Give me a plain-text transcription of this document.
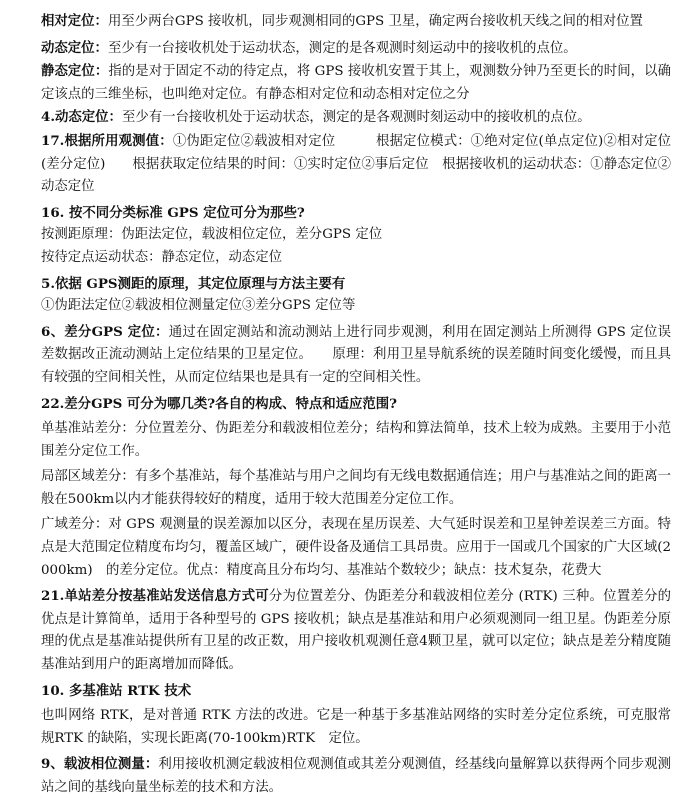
相对定位：用至少两台GPS 接收机，同步观测相同的GPS 卫星，确定两台接收机天线之间的相对位置

动态定位：至少有一台接收机处于运动状态，测定的是各观测时刻运动中的接收机的点位。

静态定位：指的是对于固定不动的待定点，将 GPS 接收机安置于其上，观测数分钟乃至更长的时间，以确定该点的三维坐标，也叫绝对定位。有静态相对定位和动态相对定位之分

4.动态定位：至少有一台接收机处于运动状态，测定的是各观测时刻运动中的接收机的点位。

17.根据所用观测值：①伪距定位②载波相对定位　　　根据定位模式：①绝对定位(单点定位)②相对定位(差分定位)　　根据获取定位结果的时间：①实时定位②事后定位　根据接收机的运动状态：①静态定位②动态定位

16. 按不同分类标准 GPS 定位可分为那些?

按测距原理：伪距法定位，载波相位定位，差分GPS 定位

按待定点运动状态：静态定位，动态定位

5.依据 GPS测距的原理，其定位原理与方法主要有

①伪距法定位②载波相位测量定位③差分GPS 定位等

6、差分GPS 定位：通过在固定测站和流动测站上进行同步观测，利用在固定测站上所测得 GPS 定位误差数据改正流动测站上定位结果的卫星定位。　　原理：利用卫星导航系统的误差随时间变化缓慢，而且具有较强的空间相关性，从而定位结果也是具有一定的空间相关性。

22.差分GPS 可分为哪几类?各自的构成、特点和适应范围?

单基准站差分：分位置差分、伪距差分和载波相位差分；结构和算法简单，技术上较为成熟。主要用于小范围差分定位工作。

局部区域差分：有多个基准站，每个基准站与用户之间均有无线电数据通信连；用户与基准站之间的距离一般在500km以内才能获得较好的精度，适用于较大范围差分定位工作。

广域差分：对 GPS 观测量的误差源加以区分，表现在星历误差、大气延时误差和卫星钟差误差三方面。特点是大范围定位精度布均匀，覆盖区域广，硬件设备及通信工具昂贵。应用于一国或几个国家的广大区域(2000km)　的差分定位。优点：精度高且分布均匀、基准站个数较少；缺点：技术复杂，花费大

21.单站差分按基准站发送信息方式可分为位置差分、伪距差分和载波相位差分 (RTK) 三种。位置差分的优点是计算简单，适用于各种型号的 GPS 接收机；缺点是基准站和用户必须观测同一组卫星。伪距差分原理的优点是基准站提供所有卫星的改正数，用户接收机观测任意4颗卫星，就可以定位；缺点是差分精度随基准站到用户的距离增加而降低。

10. 多基准站 RTK 技术

也叫网络 RTK，是对普通 RTK 方法的改进。它是一种基于多基准站网络的实时差分定位系统，可克服常规RTK 的缺陷，实现长距离(70-100km)RTK　定位。

9、载波相位测量：利用接收机测定载波相位观测值或其差分观测值，经基线向量解算以获得两个同步观测站之间的基线向量坐标差的技术和方法。
